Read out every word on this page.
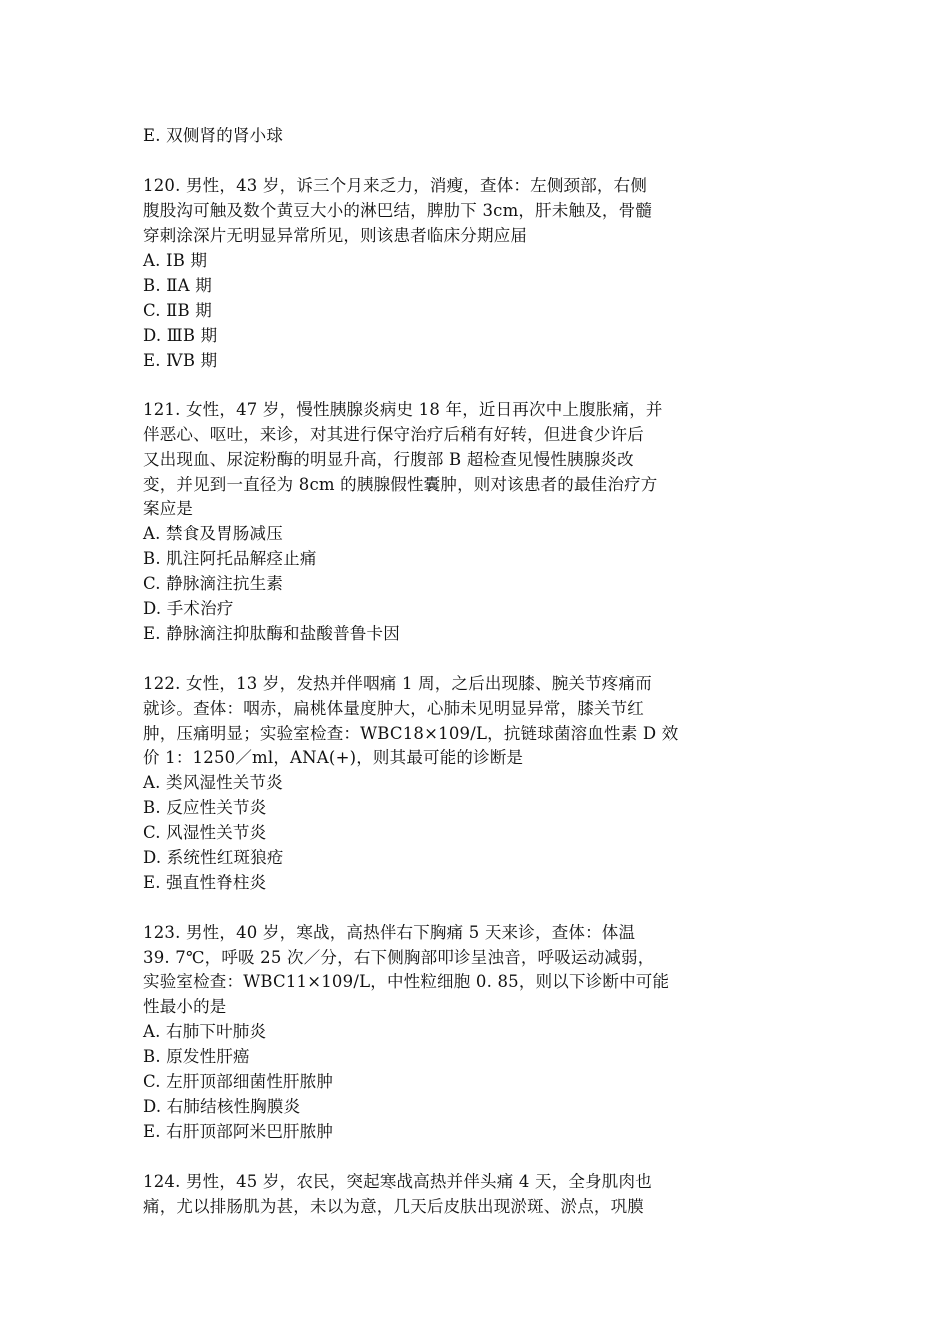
E. 双侧肾的肾小球
120. 男性，43 岁，诉三个月来乏力，消瘦，查体：左侧颈部，右侧
腹股沟可触及数个黄豆大小的淋巴结，脾肋下 3cm，肝未触及，骨髓
穿刺涂深片无明显异常所见，则该患者临床分期应届
A. ⅠB 期
B. ⅡA 期
C. ⅡB 期
D. ⅢB 期
E. ⅣB 期
121. 女性，47 岁，慢性胰腺炎病史 18 年，近日再次中上腹胀痛，并
伴恶心、呕吐，来诊，对其进行保守治疗后稍有好转，但进食少许后
又出现血、尿淀粉酶的明显升高，行腹部 B 超检查见慢性胰腺炎改
变，并见到一直径为 8cm 的胰腺假性囊肿，则对该患者的最佳治疗方
案应是
A. 禁食及胃肠减压
B. 肌注阿托品解痉止痛
C. 静脉滴注抗生素
D. 手术治疗
E. 静脉滴注抑肽酶和盐酸普鲁卡因
122. 女性，13 岁，发热并伴咽痛 1 周，之后出现膝、腕关节疼痛而
就诊。查体：咽赤，扁桃体量度肿大，心肺未见明显异常，膝关节红
肿，压痛明显；实验室检查：WBC18×109/L，抗链球菌溶血性素 D 效
价 1：1250／ml，ANA(+)，则其最可能的诊断是
A. 类风湿性关节炎
B. 反应性关节炎
C. 风湿性关节炎
D. 系统性红斑狼疮
E. 强直性脊柱炎
123. 男性，40 岁，寒战，高热伴右下胸痛 5 天来诊，查体：体温
39. 7℃，呼吸 25 次／分，右下侧胸部叩诊呈浊音，呼吸运动减弱，
实验室检查：WBC11×109/L，中性粒细胞 0. 85，则以下诊断中可能
性最小的是
A. 右肺下叶肺炎
B. 原发性肝癌
C. 左肝顶部细菌性肝脓肿
D. 右肺结核性胸膜炎
E. 右肝顶部阿米巴肝脓肿
124. 男性，45 岁，农民，突起寒战高热并伴头痛 4 天，全身肌肉也
痛，尤以排肠肌为甚，未以为意，几天后皮肤出现淤斑、淤点，巩膜
